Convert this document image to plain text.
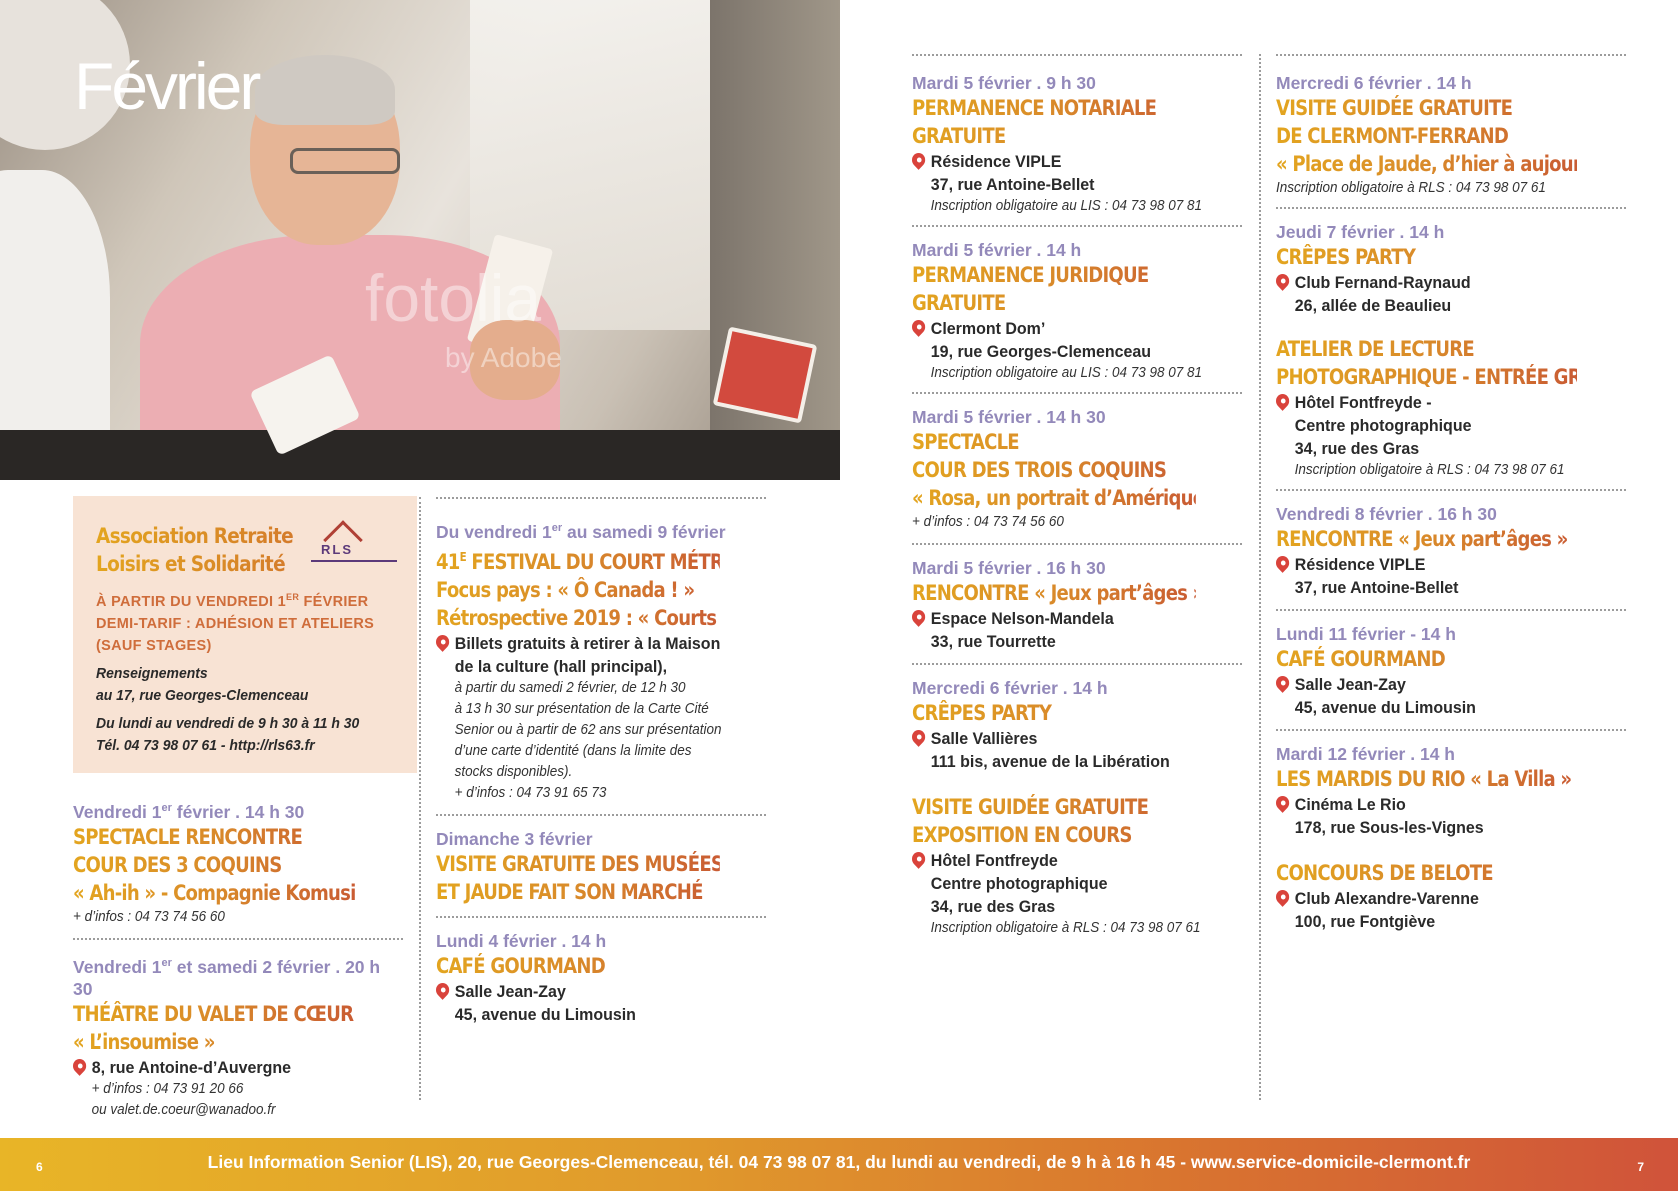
fotolia
by Adobe
Février
Association Retraite
Loisirs et Solidarité
RLS
À PARTIR DU VENDREDI 1ER FÉVRIER
DEMI-TARIF : ADHÉSION ET ATELIERS
(SAUF STAGES)
Renseignements
au 17, rue Georges-Clemenceau
Du lundi au vendredi de 9 h 30 à 11 h 30
Tél. 04 73 98 07 61 - http://rls63.fr
Vendredi 1er février . 14 h 30
SPECTACLE RENCONTRE
COUR DES 3 COQUINS
« Ah-ih » - Compagnie Komusin
+ d’infos : 04 73 74 56 60
Vendredi 1er et samedi 2 février . 20 h 30
THÉÂTRE DU VALET DE CŒUR
« L’insoumise »
8, rue Antoine-d’Auvergne
+ d’infos : 04 73 91 20 66
ou valet.de.coeur@wanadoo.fr
Du vendredi 1er au samedi 9 février
$41^E$ FESTIVAL DU COURT MÉTRAGE
Focus pays : « Ô Canada ! »
Rétrospective 2019 : « Courts de Babel »
Billets gratuits à retirer à la Maison
de la culture (hall principal),
à partir du samedi 2 février, de 12 h 30
à 13 h 30 sur présentation de la Carte Cité
Senior ou à partir de 62 ans sur présentation
d’une carte d’identité (dans la limite des
stocks disponibles).
+ d’infos : 04 73 91 65 73
Dimanche 3 février
VISITE GRATUITE DES MUSÉES
ET JAUDE FAIT SON MARCHÉ
Lundi 4 février . 14 h
CAFÉ GOURMAND
Salle Jean-Zay
45, avenue du Limousin
Mardi 5 février . 9 h 30
PERMANENCE NOTARIALE
GRATUITE
Résidence VIPLE
37, rue Antoine-Bellet
Inscription obligatoire au LIS : 04 73 98 07 81
Mardi 5 février . 14 h
PERMANENCE JURIDIQUE
GRATUITE
Clermont Dom’
19, rue Georges-Clemenceau
Inscription obligatoire au LIS : 04 73 98 07 81
Mardi 5 février . 14 h 30
SPECTACLE
COUR DES TROIS COQUINS
« Rosa, un portrait d’Amérique latine »
+ d’infos : 04 73 74 56 60
Mardi 5 février . 16 h 30
RENCONTRE « Jeux part’âges »
Espace Nelson-Mandela
33, rue Tourrette
Mercredi 6 février . 14 h
CRÊPES PARTY
Salle Vallières
111 bis, avenue de la Libération
VISITE GUIDÉE GRATUITE
EXPOSITION EN COURS
Hôtel Fontfreyde
Centre photographique
34, rue des Gras
Inscription obligatoire à RLS : 04 73 98 07 61
Mercredi 6 février . 14 h
VISITE GUIDÉE GRATUITE
DE CLERMONT-FERRAND
« Place de Jaude, d’hier à aujourd’hui »
Inscription obligatoire à RLS : 04 73 98 07 61
Jeudi 7 février . 14 h
CRÊPES PARTY
Club Fernand-Raynaud
26, allée de Beaulieu
ATELIER DE LECTURE
PHOTOGRAPHIQUE - ENTRÉE GRATUITE
Hôtel Fontfreyde -
Centre photographique
34, rue des Gras
Inscription obligatoire à RLS : 04 73 98 07 61
Vendredi 8 février . 16 h 30
RENCONTRE « Jeux part’âges »
Résidence VIPLE
37, rue Antoine-Bellet
Lundi 11 février - 14 h
CAFÉ GOURMAND
Salle Jean-Zay
45, avenue du Limousin
Mardi 12 février . 14 h
LES MARDIS DU RIO « La Villa »
Cinéma Le Rio
178, rue Sous-les-Vignes
CONCOURS DE BELOTE
Club Alexandre-Varenne
100, rue Fontgiève
Lieu Information Senior (LIS), 20, rue Georges-Clemenceau, tél. 04 73 98 07 81, du lundi au vendredi, de 9 h à 16 h 45 - www.service-domicile-clermont.fr
6	7
